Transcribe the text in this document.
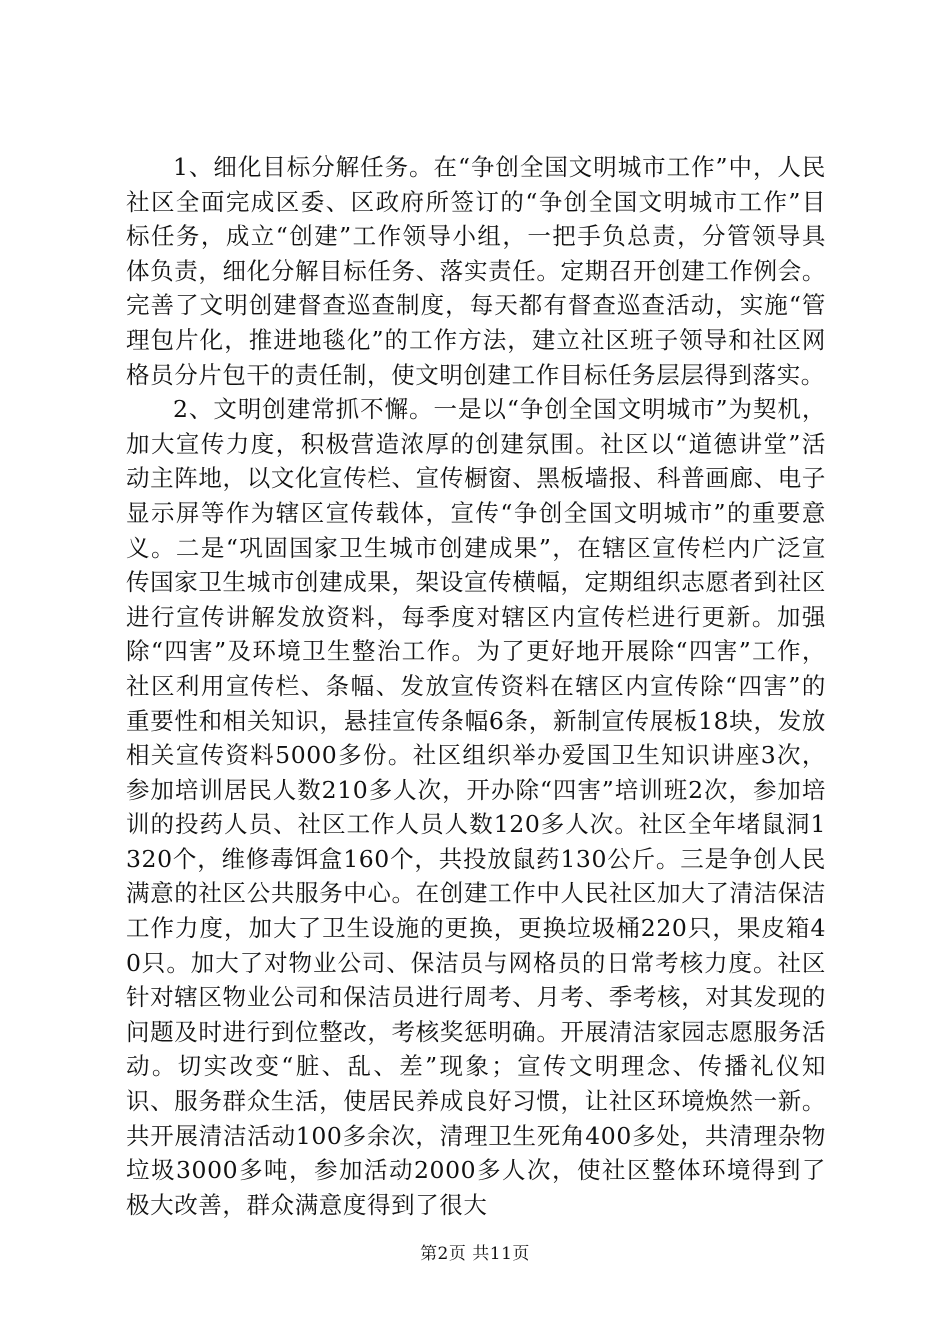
1、细化目标分解任务。在“争创全国文明城市工作”中，人民社区全面完成区委、区政府所签订的“争创全国文明城市工作”目标任务，成立“创建”工作领导小组，一把手负总责，分管领导具体负责，细化分解目标任务、落实责任。定期召开创建工作例会。完善了文明创建督查巡查制度，每天都有督查巡查活动，实施“管理包片化，推进地毯化”的工作方法，建立社区班子领导和社区网格员分片包干的责任制，使文明创建工作目标任务层层得到落实。

2、文明创建常抓不懈。一是以“争创全国文明城市”为契机，加大宣传力度，积极营造浓厚的创建氛围。社区以“道德讲堂”活动主阵地，以文化宣传栏、宣传橱窗、黑板墙报、科普画廊、电子显示屏等作为辖区宣传载体，宣传“争创全国文明城市”的重要意义。二是“巩固国家卫生城市创建成果”，在辖区宣传栏内广泛宣传国家卫生城市创建成果，架设宣传横幅，定期组织志愿者到社区进行宣传讲解发放资料，每季度对辖区内宣传栏进行更新。加强除“四害”及环境卫生整治工作。为了更好地开展除“四害”工作，社区利用宣传栏、条幅、发放宣传资料在辖区内宣传除“四害”的重要性和相关知识，悬挂宣传条幅6条，新制宣传展板18块，发放相关宣传资料5000多份。社区组织举办爱国卫生知识讲座3次，参加培训居民人数210多人次，开办除“四害”培训班2次，参加培训的投药人员、社区工作人员人数120多人次。社区全年堵鼠洞1320个，维修毒饵盒160个，共投放鼠药130公斤。三是争创人民满意的社区公共服务中心。在创建工作中人民社区加大了清洁保洁工作力度，加大了卫生设施的更换，更换垃圾桶220只，果皮箱40只。加大了对物业公司、保洁员与网格员的日常考核力度。社区针对辖区物业公司和保洁员进行周考、月考、季考核，对其发现的问题及时进行到位整改，考核奖惩明确。开展清洁家园志愿服务活动。切实改变“脏、乱、差”现象；宣传文明理念、传播礼仪知识、服务群众生活，使居民养成良好习惯，让社区环境焕然一新。共开展清洁活动100多余次，清理卫生死角400多处，共清理杂物垃圾3000多吨，参加活动2000多人次，使社区整体环境得到了极大改善，群众满意度得到了很大

第2页 共11页
